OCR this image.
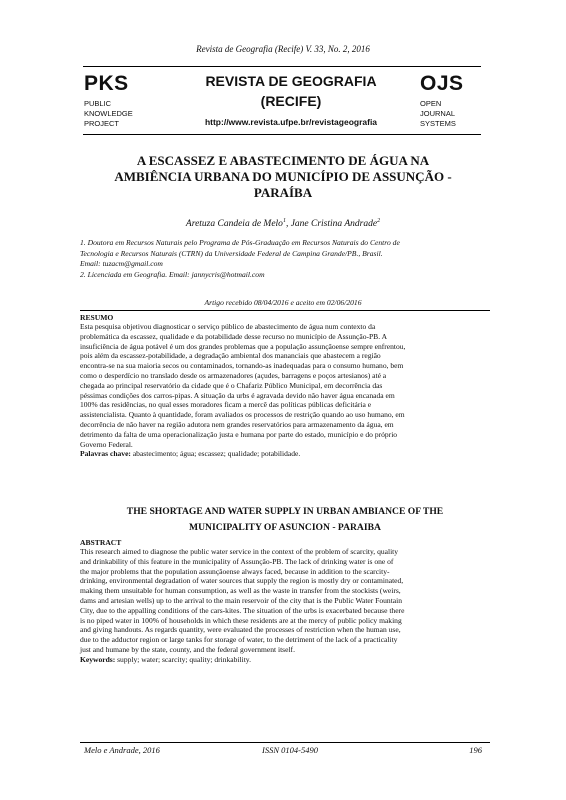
Revista de Geografia (Recife) V. 33, No. 2, 2016
PKS
PUBLIC
KNOWLEDGE
PROJECT
REVISTA DE GEOGRAFIA
(RECIFE)
http://www.revista.ufpe.br/revistageografia
OJS
OPEN
JOURNAL
SYSTEMS
A ESCASSEZ E ABASTECIMENTO DE ÁGUA NA
AMBIÊNCIA URBANA DO MUNICÍPIO DE ASSUNÇÃO -
PARAÍBA
Aretuza Candeia de Melo$^1$, Jane Cristina Andrade$^2$
1. Doutora em Recursos Naturais pelo Programa de Pós-Graduação em Recursos Naturais do Centro de
Tecnologia e Recursos Naturais (CTRN) da Universidade Federal de Campina Grande/PB., Brasil.
Email: tuzacm@gmail.com
2. Licenciada em Geografia. Email: jannycris@hotmail.com
Artigo recebido 08/04/2016 e aceito em 02/06/2016
RESUMO
Esta pesquisa objetivou diagnosticar o serviço público de abastecimento de água num contexto da
problemática da escassez, qualidade e da potabilidade desse recurso no município de Assunção-PB. A
insuficiência de água potável é um dos grandes problemas que a população assunçãoense sempre enfrentou,
pois além da escassez-potabilidade, a degradação ambiental dos mananciais que abastecem a região
encontra-se na sua maioria secos ou contaminados, tornando-as inadequadas para o consumo humano, bem
como o desperdício no translado desde os armazenadores (açudes, barragens e poços artesianos) até a
chegada ao principal reservatório da cidade que é o Chafariz Público Municipal, em decorrência das
péssimas condições dos carros-pipas. A situação da urbs é agravada devido não haver água encanada em
100% das residências, no qual esses moradores ficam a mercê das políticas públicas deficitária e
assistencialista. Quanto à quantidade, foram avaliados os processos de restrição quando ao uso humano, em
decorrência de não haver na região adutora nem grandes reservatórios para armazenamento da água, em
detrimento da falta de uma operacionalização justa e humana por parte do estado, município e do próprio
Governo Federal.
Palavras chave: abastecimento; água; escassez; qualidade; potabilidade.
THE SHORTAGE AND WATER SUPPLY IN URBAN AMBIANCE OF THE
MUNICIPALITY OF ASUNCION - PARAIBA
ABSTRACT
This research aimed to diagnose the public water service in the context of the problem of scarcity, quality
and drinkability of this feature in the municipality of Assunção-PB. The lack of drinking water is one of
the major problems that the population assunçãoense always faced, because in addition to the scarcity-
drinking, environmental degradation of water sources that supply the region is mostly dry or contaminated,
making them unsuitable for human consumption, as well as the waste in transfer from the stockists (weirs,
dams and artesian wells) up to the arrival to the main reservoir of the city that is the Public Water Fountain
City, due to the appalling conditions of the cars-kites. The situation of the urbs is exacerbated because there
is no piped water in 100% of households in which these residents are at the mercy of public policy making
and giving handouts. As regards quantity, were evaluated the processes of restriction when the human use,
due to the adductor region or large tanks for storage of water, to the detriment of the lack of a practicality
just and humane by the state, county, and the federal government itself.
Keywords: supply; water; scarcity; quality; drinkability.
Melo e Andrade, 2016	ISSN 0104-5490	196
